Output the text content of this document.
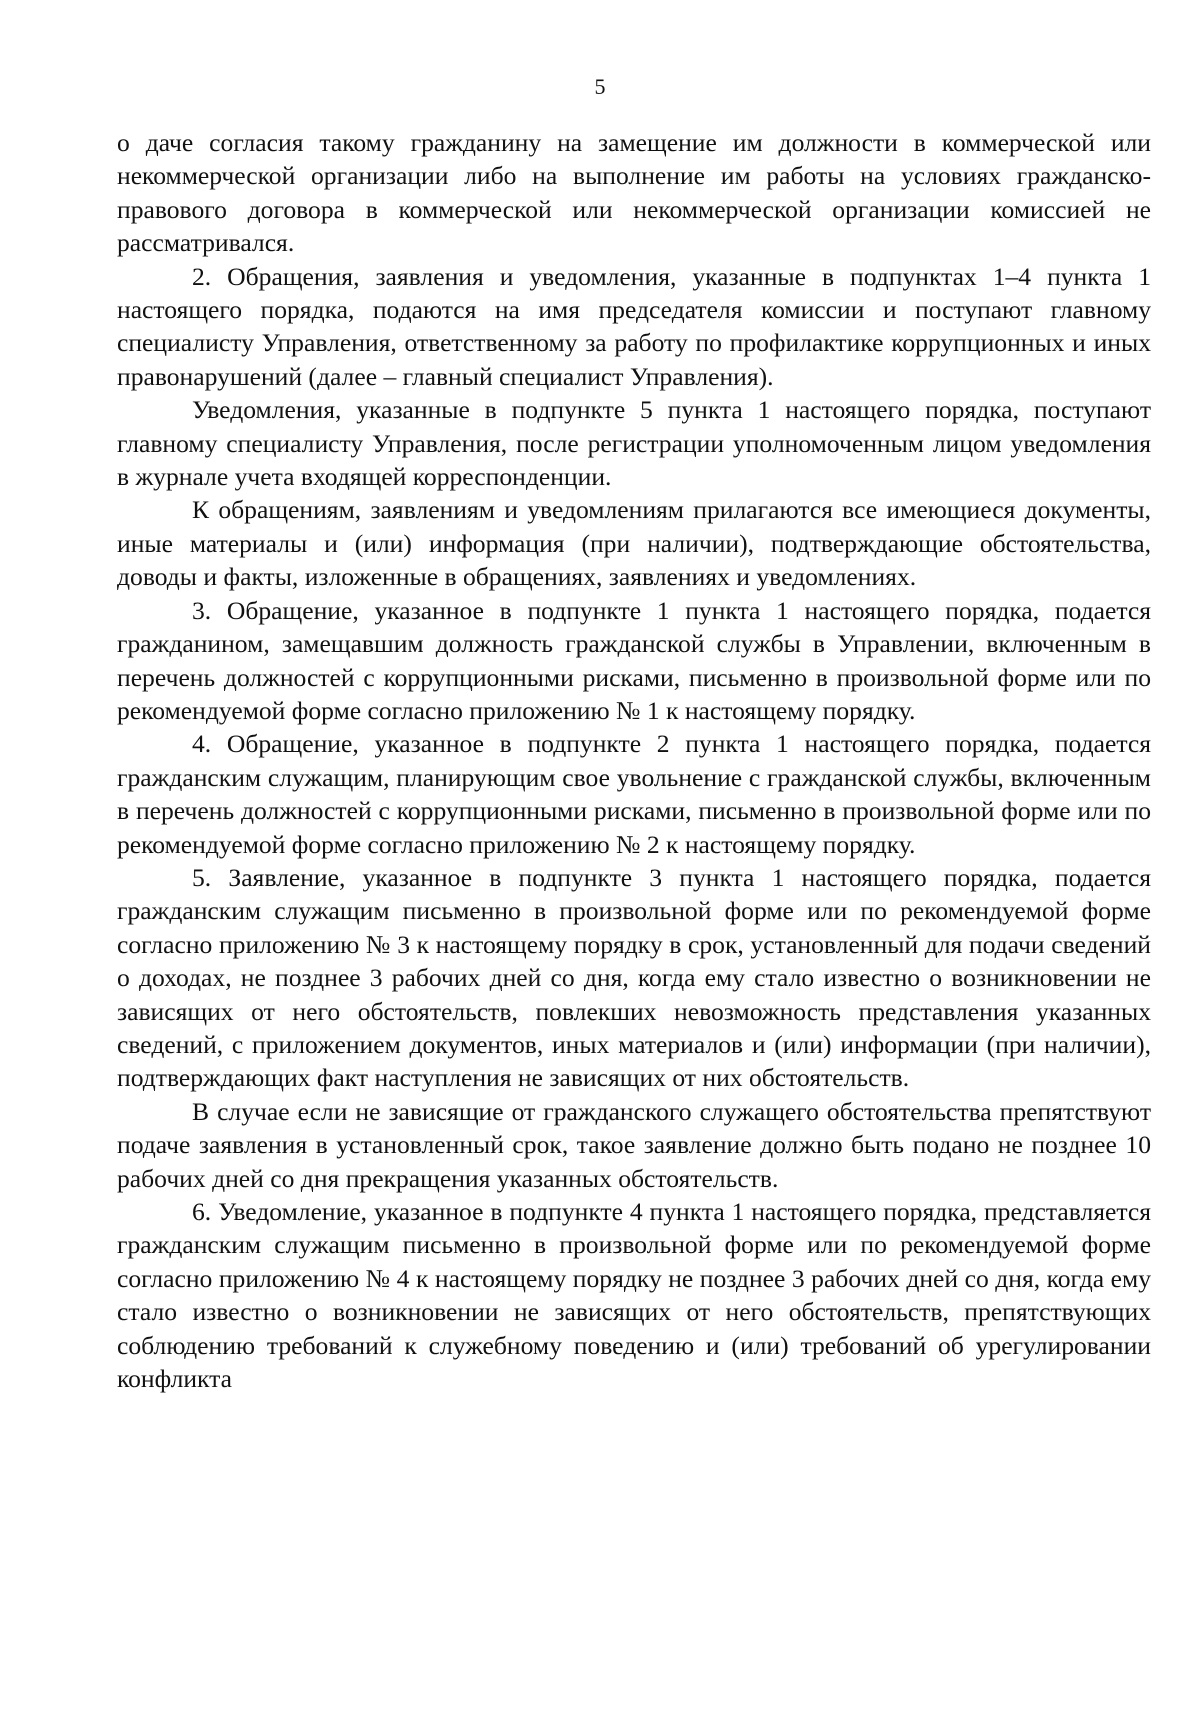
5

о даче согласия такому гражданину на замещение им должности в коммерческой или некоммерческой организации либо на выполнение им работы на условиях гражданско-правового договора в коммерческой или некоммерческой организации комиссией не рассматривался.

2. Обращения, заявления и уведомления, указанные в подпунктах 1–4 пункта 1 настоящего порядка, подаются на имя председателя комиссии и поступают главному специалисту Управления, ответственному за работу по профилактике коррупционных и иных правонарушений (далее – главный специалист Управления).

Уведомления, указанные в подпункте 5 пункта 1 настоящего порядка, поступают главному специалисту Управления, после регистрации уполномоченным лицом уведомления в журнале учета входящей корреспонденции.

К обращениям, заявлениям и уведомлениям прилагаются все имеющиеся документы, иные материалы и (или) информация (при наличии), подтверждающие обстоятельства, доводы и факты, изложенные в обращениях, заявлениях и уведомлениях.

3. Обращение, указанное в подпункте 1 пункта 1 настоящего порядка, подается гражданином, замещавшим должность гражданской службы в Управлении, включенным в перечень должностей с коррупционными рисками, письменно в произвольной форме или по рекомендуемой форме согласно приложению № 1 к настоящему порядку.

4. Обращение, указанное в подпункте 2 пункта 1 настоящего порядка, подается гражданским служащим, планирующим свое увольнение с гражданской службы, включенным в перечень должностей с коррупционными рисками, письменно в произвольной форме или по рекомендуемой форме согласно приложению № 2 к настоящему порядку.

5. Заявление, указанное в подпункте 3 пункта 1 настоящего порядка, подается гражданским служащим письменно в произвольной форме или по рекомендуемой форме согласно приложению № 3 к настоящему порядку в срок, установленный для подачи сведений о доходах, не позднее 3 рабочих дней со дня, когда ему стало известно о возникновении не зависящих от него обстоятельств, повлекших невозможность представления указанных сведений, с приложением документов, иных материалов и (или) информации (при наличии), подтверждающих факт наступления не зависящих от них обстоятельств.

В случае если не зависящие от гражданского служащего обстоятельства препятствуют подаче заявления в установленный срок, такое заявление должно быть подано не позднее 10 рабочих дней со дня прекращения указанных обстоятельств.

6. Уведомление, указанное в подпункте 4 пункта 1 настоящего порядка, представляется гражданским служащим письменно в произвольной форме или по рекомендуемой форме согласно приложению № 4 к настоящему порядку не позднее 3 рабочих дней со дня, когда ему стало известно о возникновении не зависящих от него обстоятельств, препятствующих соблюдению требований к служебному поведению и (или) требований об урегулировании конфликта
